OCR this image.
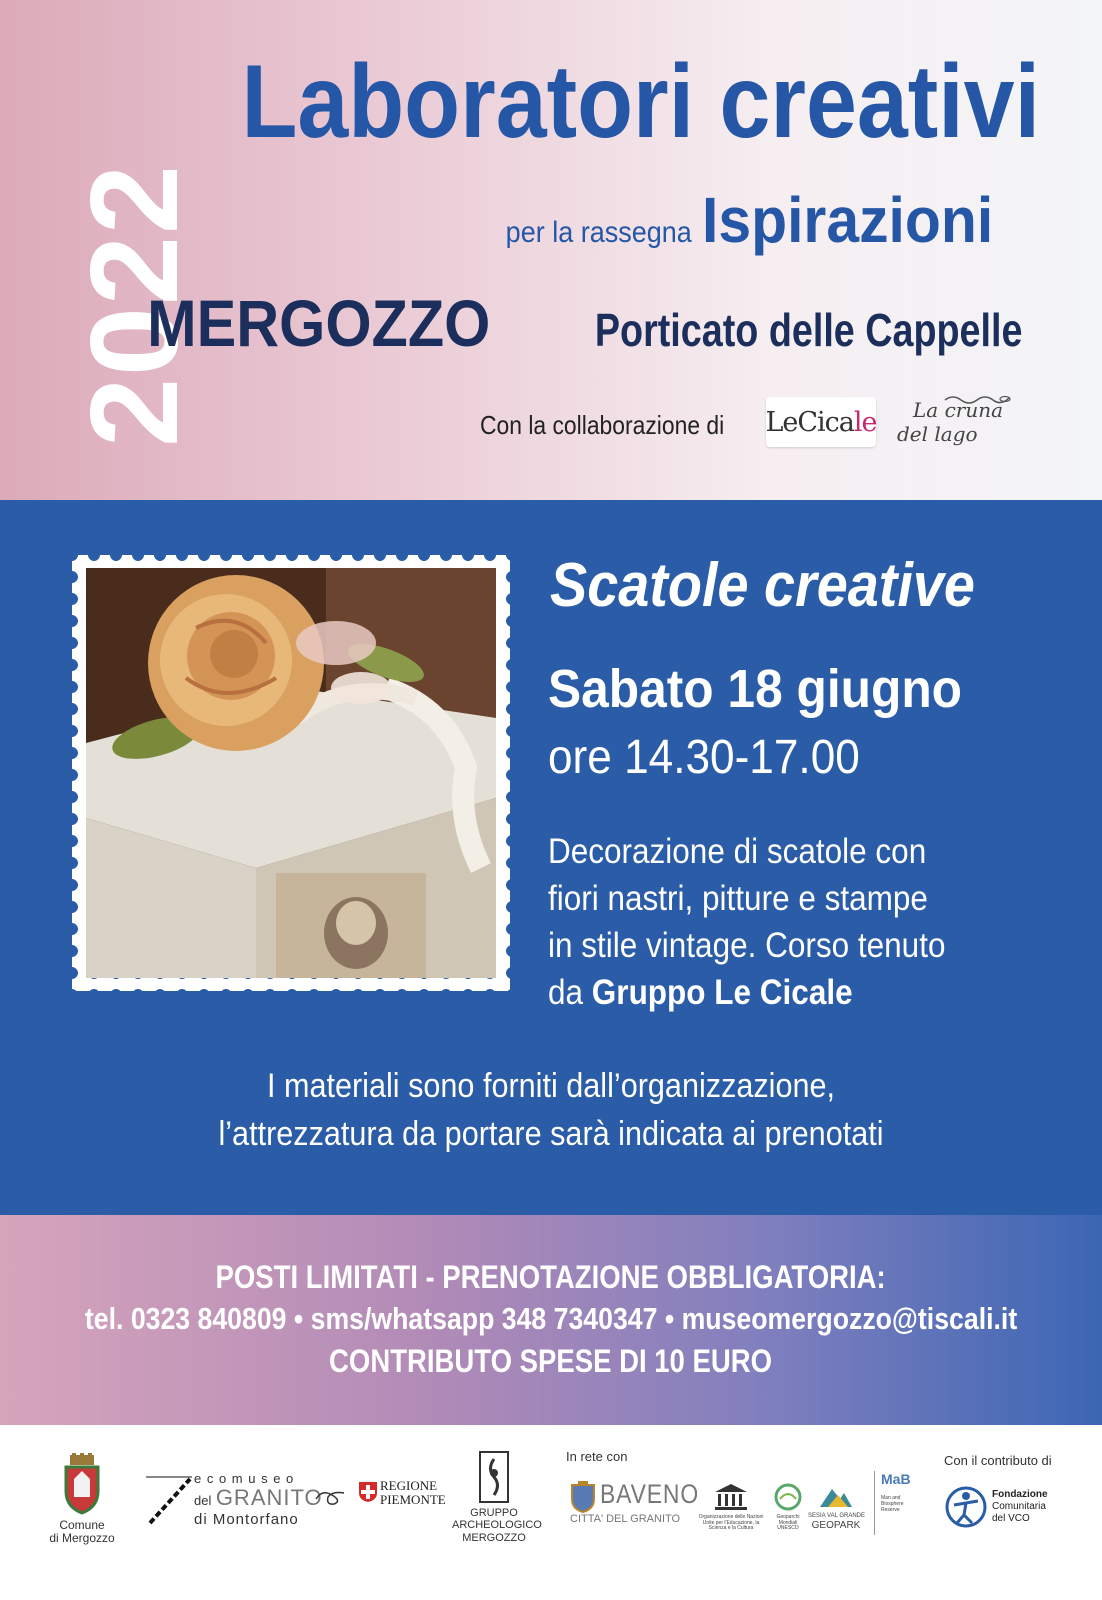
2022
Laboratori creativi
per la rassegna Ispirazioni
MERGOZZO Porticato delle Cappelle
Con la collaborazione di LeCica le La cruna
del lago
Scatole creative
Sabato 18 giugno
ore 14.30-17.00

Decorazione di scatole con

fiori nastri, pitture e stampe

in stile vintage. Corso tenuto

da Gruppo Le Cicale

I materiali sono forniti dall’organizzazione,

l’attrezzatura da portare sarà indicata ai prenotati

POSTI LIMITATI - PRENOTAZIONE OBBLIGATORIA:
tel. 0323 840809 • sms/whatsapp 348 7340347 • museomergozzo@tiscali.it
CONTRIBUTO SPESE DI 10 EURO
Comune
di Mergozzo
e c o m u s e o
del GRANITO
di Montorfano
REGIONE
PIEMONTE
GRUPPO
ARCHEOLOGICO
MERGOZZO
In rete con
BAVENO
CITTA' DEL GRANITO	Organizzazione delle Nazioni Unite per l'Educazione, la Scienza e la Cultura
Geoparchi Mondiali UNESCO
SESIA VAL GRANDE
GEOPARK
MaB
Man and Biosphere Reserve
Con il contributo di
Fondazione
Comunitaria
del VCO
